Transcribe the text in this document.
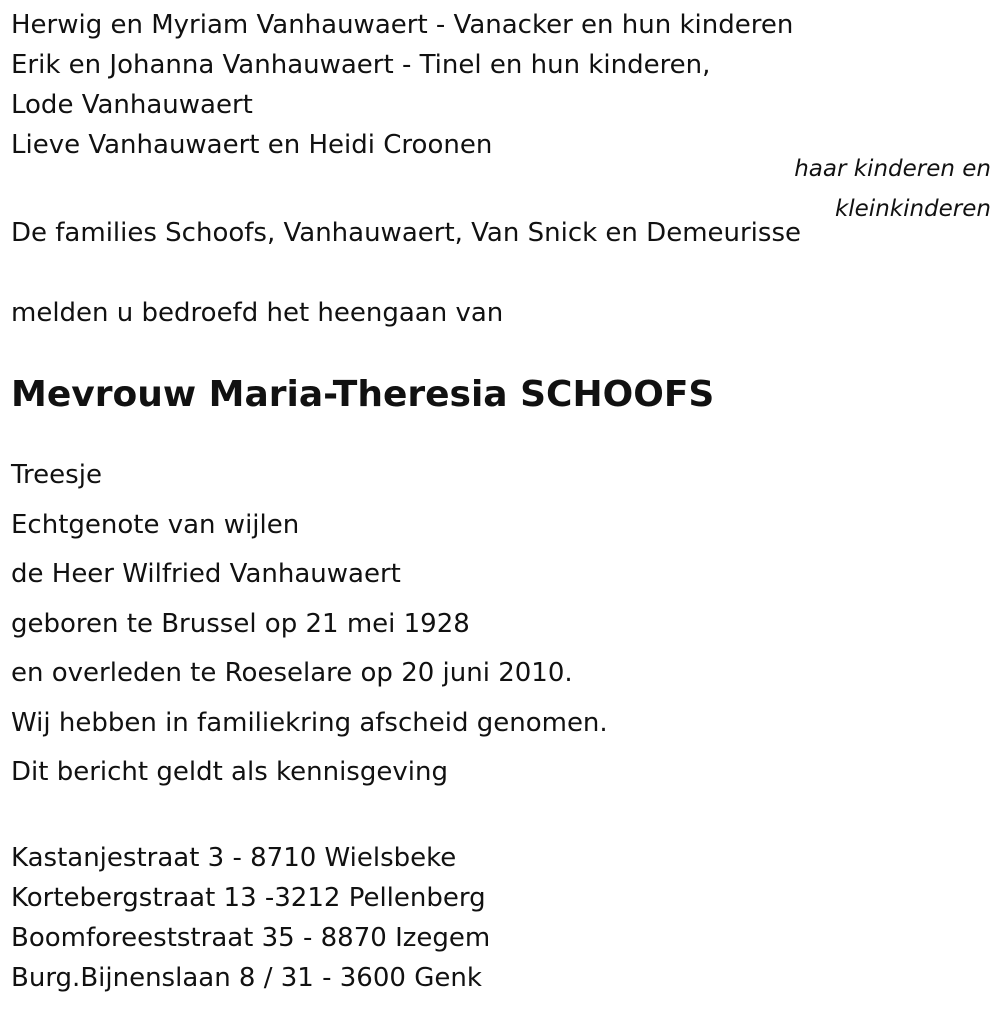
Herwig en Myriam Vanhauwaert - Vanacker en hun kinderen

Erik en Johanna Vanhauwaert - Tinel en hun kinderen,

Lode Vanhauwaert

Lieve Vanhauwaert en Heidi Croonen

haar kinderen en
kleinkinderen

De families Schoofs, Vanhauwaert, Van Snick en Demeurisse

melden u bedroefd het heengaan van

Mevrouw Maria-Theresia SCHOOFS

Treesje

Echtgenote van wijlen

de Heer Wilfried Vanhauwaert

geboren te Brussel op 21 mei 1928

en overleden te Roeselare op 20 juni 2010.

Wij hebben in familiekring afscheid genomen.

Dit bericht geldt als kennisgeving

Kastanjestraat 3 - 8710 Wielsbeke

Kortebergstraat 13 -3212 Pellenberg

Boomforeeststraat 35 - 8870 Izegem

Burg.Bijnenslaan 8 / 31 - 3600 Genk
